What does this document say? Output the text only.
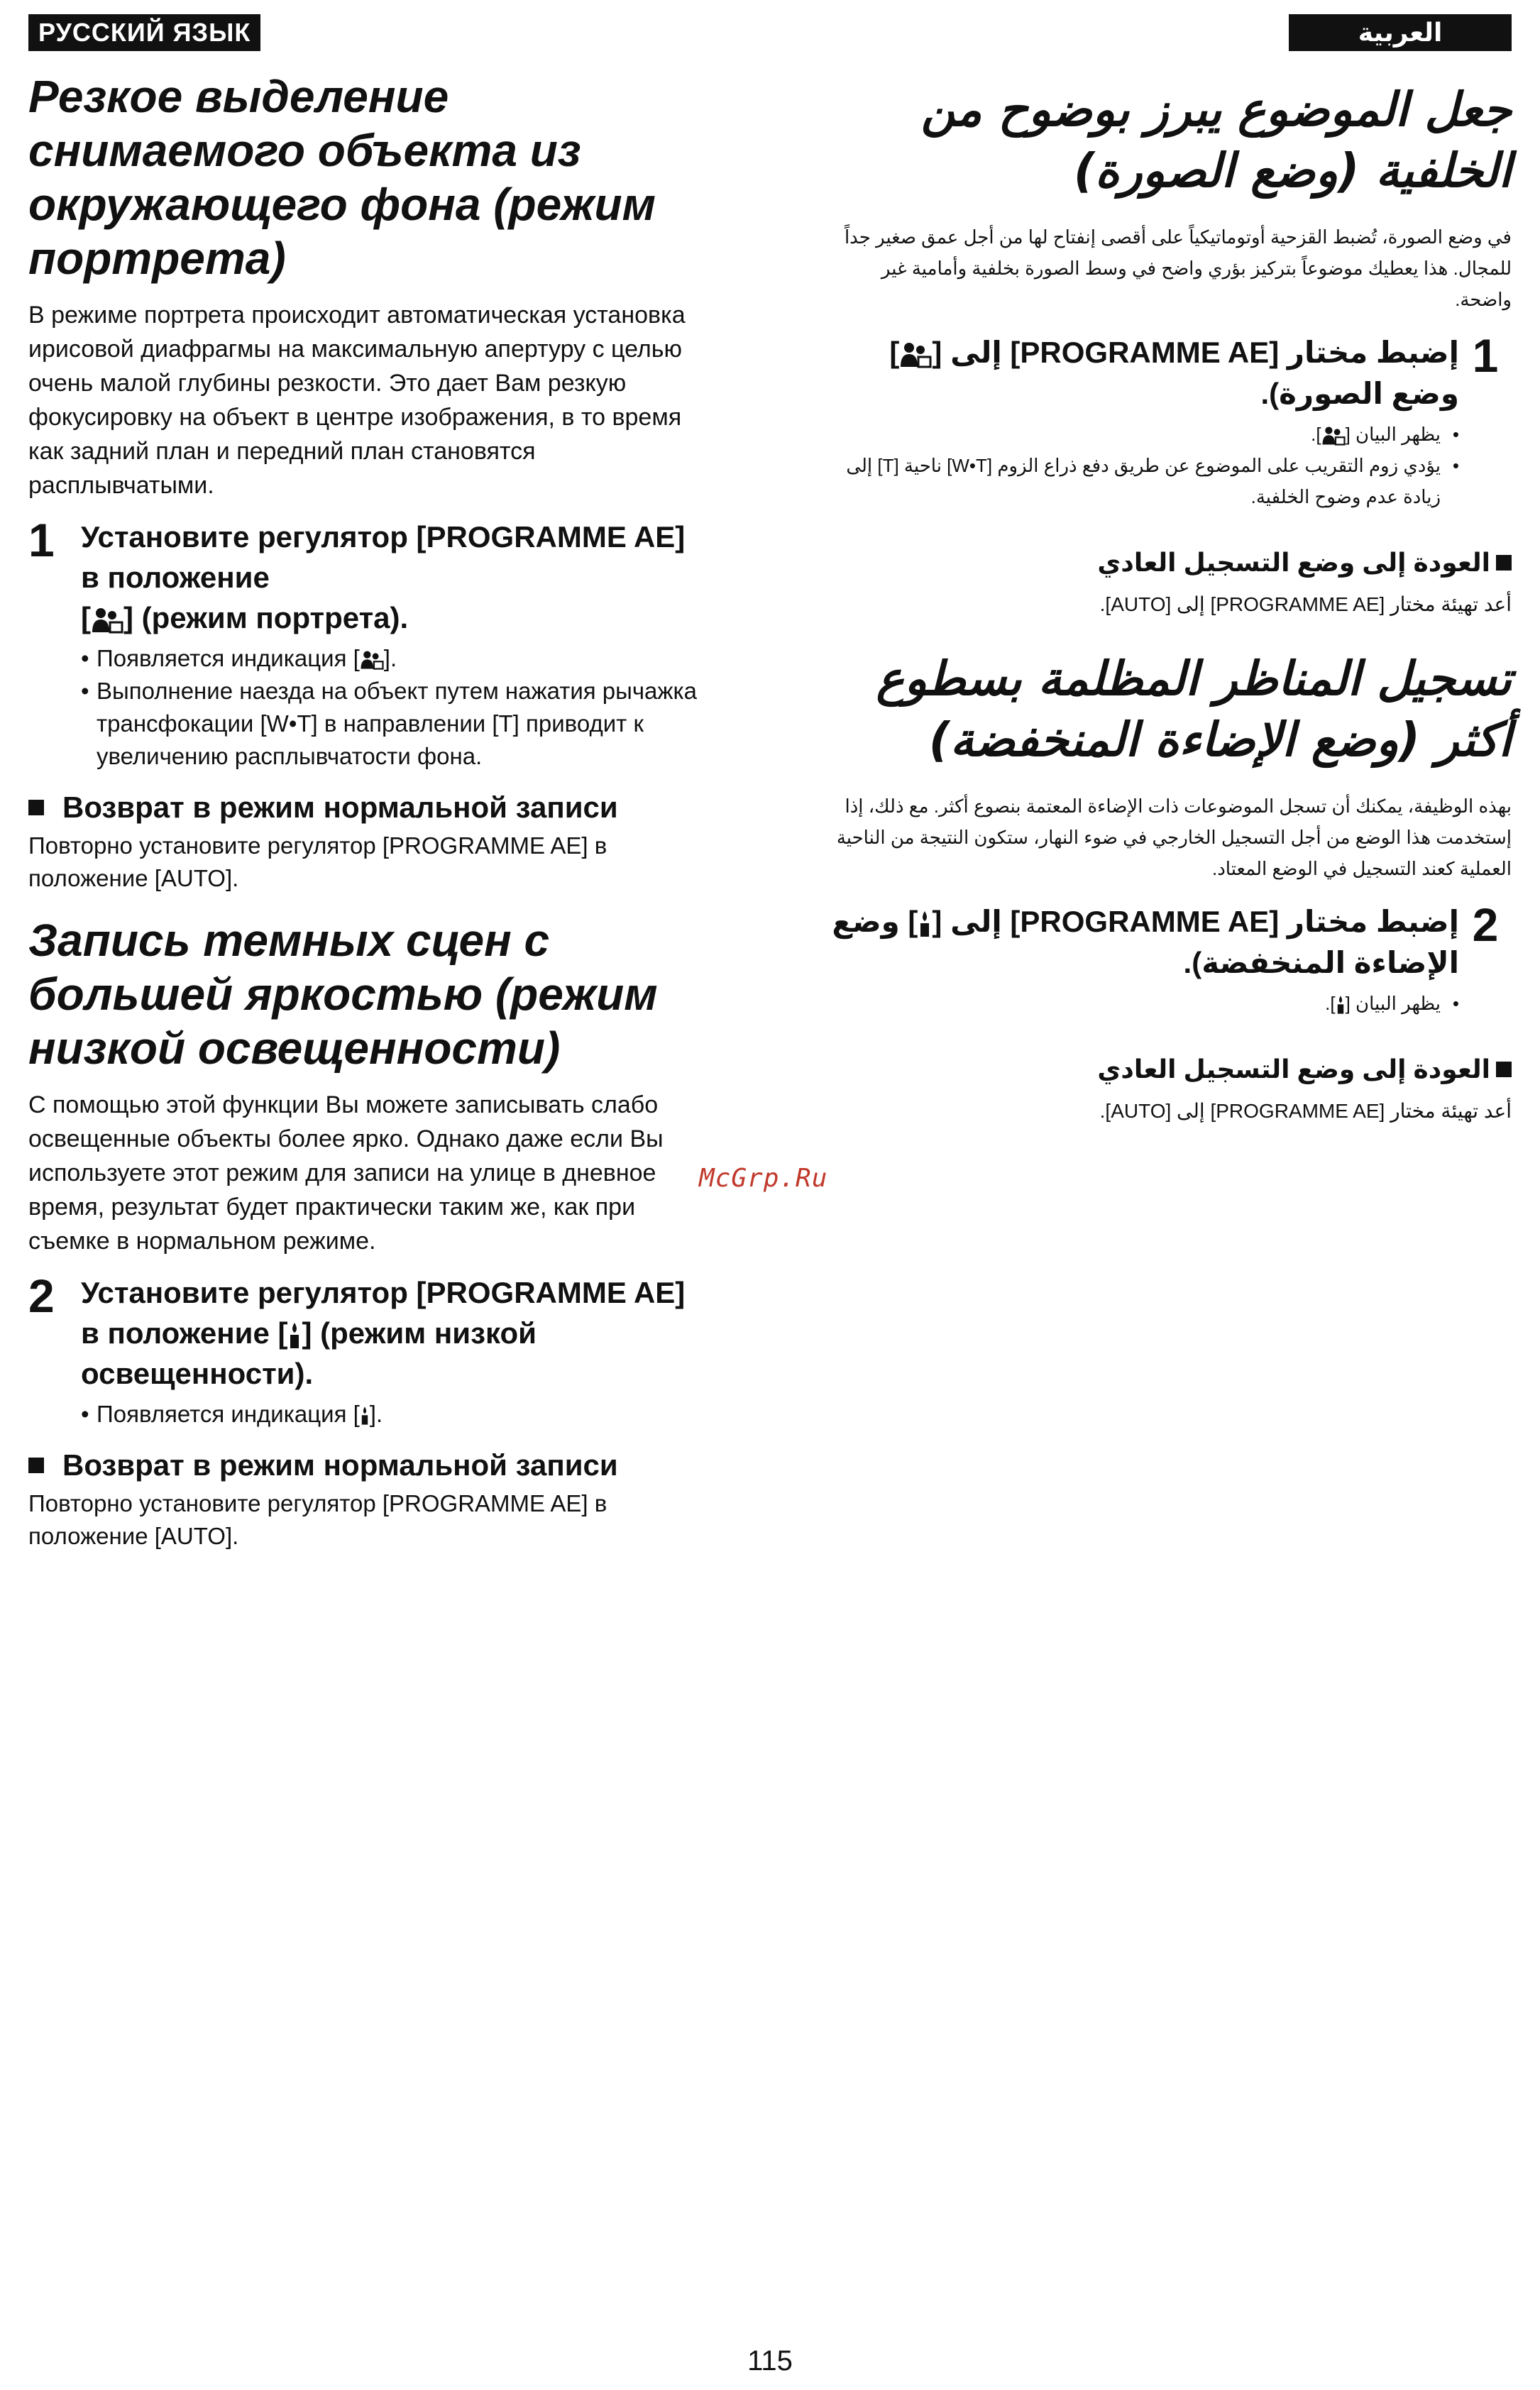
РУССКИЙ ЯЗЫК
Резкое выделение снимаемого объекта из окружающего фона (режим портрета)

В режиме портрета происходит автоматическая установка ирисовой диафрагмы на максимальную апертуру с целью очень малой глубины резкости. Это дает Вам резкую фокусировку на объект в центре изображения, в то время как задний план и передний план становятся расплывчатыми.

1 Установите регулятор [PROGRAMME AE] в положение
[ ] (режим портрета).
• Появляется индикация [ ].
• Выполнение наезда на объект путем нажатия рычажка трансфокации [W•T] в направлении [T] приводит к увеличению расплывчатости фона.
Возврат в режим нормальной записи

Повторно установите регулятор [PROGRAMME AE] в положение [AUTO].

Запись темных сцен с большей яркостью (режим низкой освещенности)

С помощью этой функции Вы можете записывать слабо освещенные объекты более ярко. Однако даже если Вы используете этот режим для записи на улице в дневное время, результат будет практически таким же, как при съемке в нормальном режиме.

2 Установите регулятор [PROGRAMME AE] в положение [ ] (режим низкой освещенности).
• Появляется индикация [ ].
Возврат в режим нормальной записи

Повторно установите регулятор [PROGRAMME AE] в положение [AUTO].

العربية
جعل الموضوع يبرز بوضوح من الخلفية (وضع الصورة)

في وضع الصورة، تُضبط القزحية أوتوماتيكياً على أقصى إنفتاح لها من أجل عمق صغير جداً للمجال. هذا يعطيك موضوعاً بتركيز بؤري واضح في وسط الصورة بخلفية وأمامية غير واضحة.

1
إضبط مختار [PROGRAMME AE] إلى [
] وضع الصورة).
• يظهر البيان [
].
• يؤدي زوم التقريب على الموضوع عن طريق دفع ذراع الزوم [W•T] ناحية [T] إلى زيادة عدم وضوح الخلفية.
العودة إلى وضع التسجيل العادي

أعد تهيئة مختار [PROGRAMME AE] إلى [AUTO].

تسجيل المناظر المظلمة بسطوع أكثر (وضع الإضاءة المنخفضة)

بهذه الوظيفة، يمكنك أن تسجل الموضوعات ذات الإضاءة المعتمة بنصوع أكثر. مع ذلك، إذا إستخدمت هذا الوضع من أجل التسجيل الخارجي في ضوء النهار، ستكون النتيجة من الناحية العملية كعند التسجيل في الوضع المعتاد.

2
إضبط مختار [PROGRAMME AE] إلى [
] وضع الإضاءة المنخفضة).
• يظهر البيان [
].
العودة إلى وضع التسجيل العادي

أعد تهيئة مختار [PROGRAMME AE] إلى [AUTO].

McGrp.Ru
115
